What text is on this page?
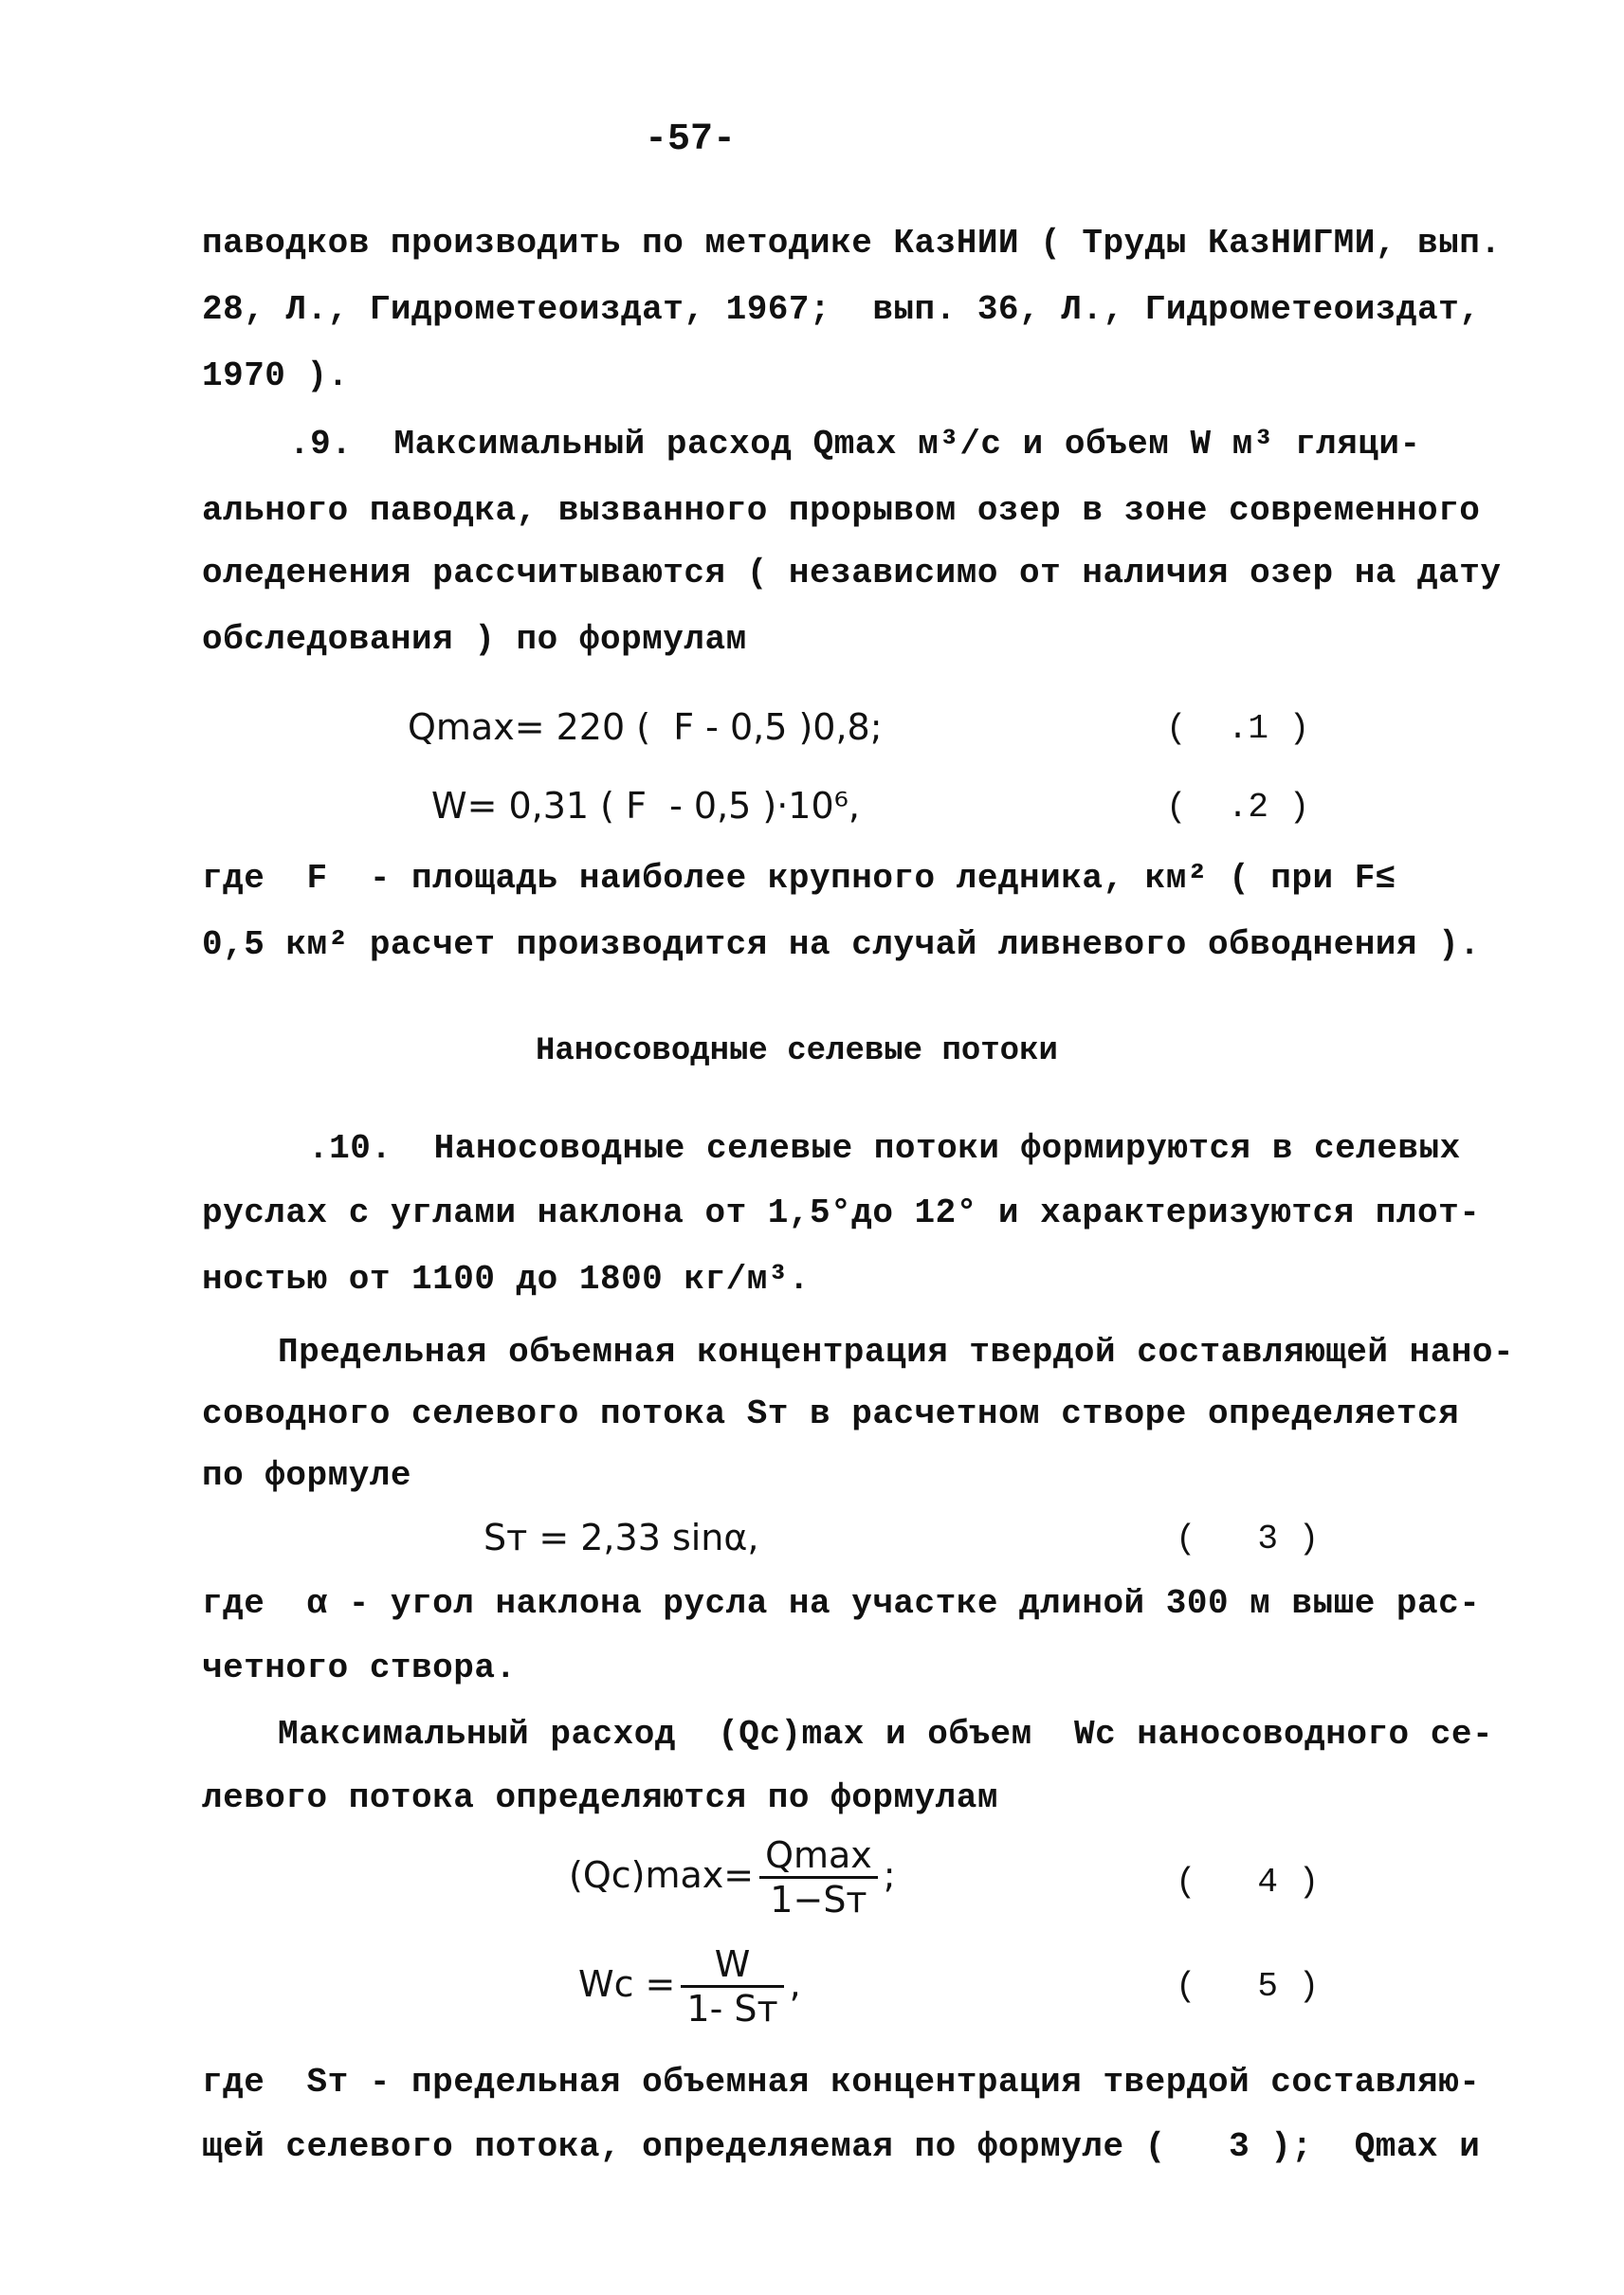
-57-
паводков производить по методике КазНИИ ( Труды КазНИГМИ, вып.
28, Л., Гидрометеоиздат, 1967;  вып. 36, Л., Гидрометеоиздат,
1970 ).
.9.  Максимальный расход Qmax м³/с и объем W м³ гляци-
ального паводка, вызванного прорывом озер в зоне современного
оледенения рассчитываются ( независимо от наличия озер на дату
обследования ) по формулам
Qmax= 220 (  F - 0,5 )0,8;	(  .1 )
W= 0,31 ( F  - 0,5 )·10⁶,	(  .2 )
где  F  - площадь наиболее крупного ледника, км² ( при F≤
0,5 км² расчет производится на случай ливневого обводнения ).
Наносоводные селевые потоки
.10.  Наносоводные селевые потоки формируются в селевых
руслах с углами наклона от 1,5°до 12° и характеризуются плот-
ностью от 1100 до 1800 кг/м³.
Предельная объемная концентрация твердой составляющей нано-
соводного селевого потока Sт в расчетном створе определяется
по формуле
Sт = 2,33 sinα,	(   3 )
где  α - угол наклона русла на участке длиной 300 м выше рас-
четного створа.
Максимальный расход  (Qc)max и объем  Wc наносоводного се-
левого потока определяются по формулам
$(Qc)\max= \frac{Qmax}{1-Sт}$ ;	(   4 )
$Wc = \frac{W}{1- Sт}$ ,	(   5 )
где  Sт - предельная объемная концентрация твердой составляю-
щей селевого потока, определяемая по формуле (   3 );  Qmax и
